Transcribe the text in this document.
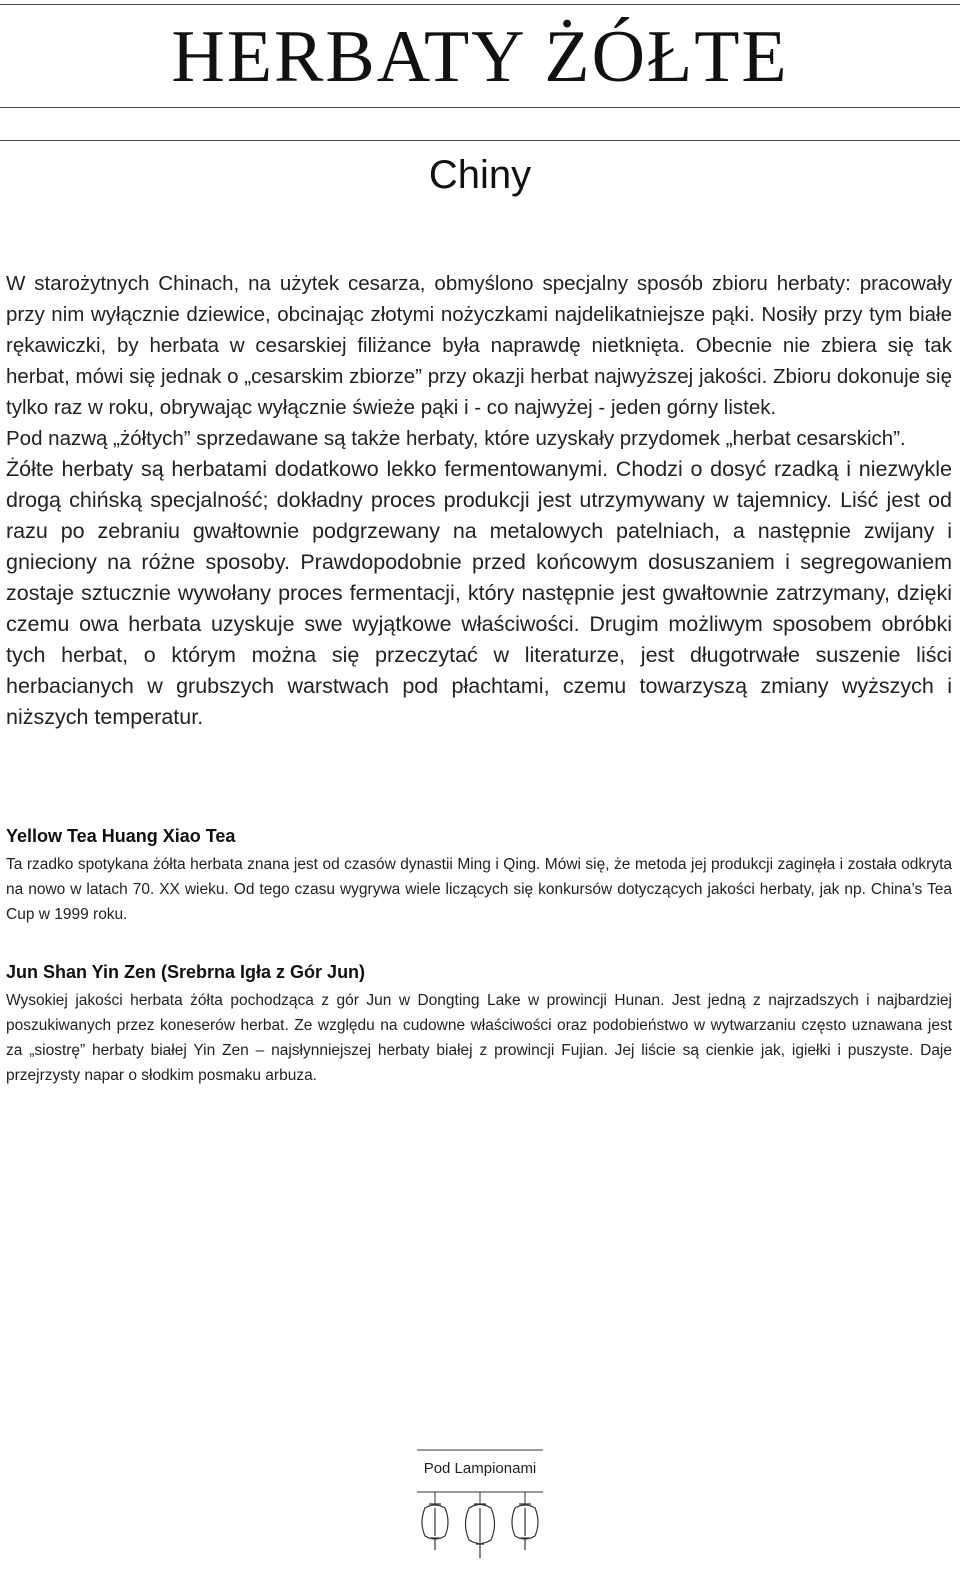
HERBATY ŻÓŁTE
Chiny

W starożytnych Chinach, na użytek cesarza, obmyślono specjalny sposób zbioru herbaty: pracowały przy nim wyłącznie dziewice, obcinając złotymi nożyczkami najdelikatniejsze pąki. Nosiły przy tym białe rękawiczki, by herbata w cesarskiej filiżance była naprawdę nietknięta. Obecnie nie zbiera się tak herbat, mówi się jednak o „cesarskim zbiorze” przy okazji herbat najwyższej jakości. Zbioru dokonuje się tylko raz w roku, obrywając wyłącznie świeże pąki i - co najwyżej - jeden górny listek.

Pod nazwą „żółtych” sprzedawane są także herbaty, które uzyskały przydomek „herbat cesarskich”.

Żółte herbaty są herbatami dodatkowo lekko fermentowanymi. Chodzi o dosyć rzadką i niezwykle drogą chińską specjalność; dokładny proces produkcji jest utrzymywany w tajemnicy. Liść jest od razu po zebraniu gwałtownie podgrzewany na metalowych patelniach, a następnie zwijany i gnieciony na różne sposoby. Prawdopodobnie przed końcowym dosuszaniem i segregowaniem zostaje sztucznie wywołany proces fermentacji, który następnie jest gwałtownie zatrzymany, dzięki czemu owa herbata uzyskuje swe wyjątkowe właściwości. Drugim możliwym sposobem obróbki tych herbat, o którym można się przeczytać w literaturze, jest długotrwałe suszenie liści herbacianych w grubszych warstwach pod płachtami, czemu towarzyszą zmiany wyższych i niższych temperatur.

Yellow Tea Huang Xiao Tea

Ta rzadko spotykana żółta herbata znana jest od czasów dynastii Ming i Qing. Mówi się, że metoda jej produkcji zaginęła i została odkryta na nowo w latach 70. XX wieku. Od tego czasu wygrywa wiele liczących się konkursów dotyczących jakości herbaty, jak np. China’s Tea Cup w 1999 roku.

Jun Shan Yin Zen (Srebrna Igła z Gór Jun)

Wysokiej jakości herbata żółta pochodząca z gór Jun w Dongting Lake w prowincji Hunan. Jest jedną z najrzadszych i najbardziej poszukiwanych przez koneserów herbat. Ze względu na cudowne właściwości oraz podobieństwo w wytwarzaniu często uznawana jest za „siostrę” herbaty białej Yin Zen – najsłynniejszej herbaty białej z prowincji Fujian. Jej liście są cienkie jak, igiełki i puszyste. Daje przejrzysty napar o słodkim posmaku arbuza.

Pod Lampionami
